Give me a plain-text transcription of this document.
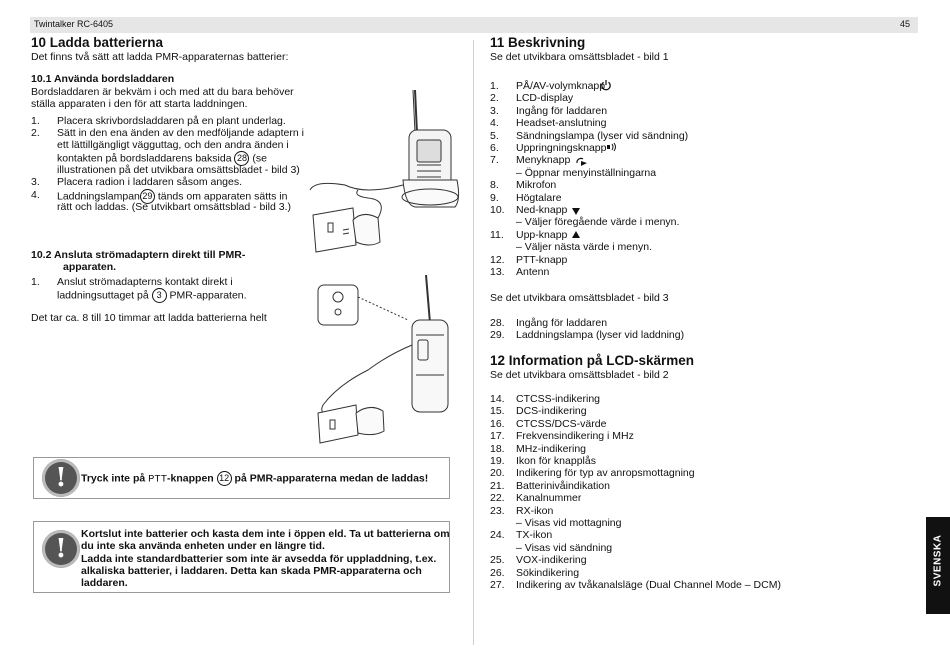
Twintalker RC-6405	45
10 Ladda batterierna
Det finns två sätt att ladda PMR-apparaternas batterier:
10.1 Använda bordsladdaren
Bordsladdaren är bekväm i och med att du bara behöver
ställa apparaten i den för att starta laddningen.
1. Placera skrivbordsladdaren på en plant underlag.
2. Sätt in den ena änden av den medföljande adaptern i
ett lättillgängligt vägguttag, och den andra änden i
kontakten på bordsladdarens baksida 28 (se
illustrationen på det utvikbara omsättsbladet - bild 3)
3. Placera radion i laddaren såsom anges.
4. Laddningslampan 29 tänds om apparaten sätts in
rätt och laddas. (Se utvikbart omsättsblad - bild 3.)
10.2 Ansluta strömadaptern direkt till PMR-
apparaten.
1. Anslut strömadapterns kontakt direkt i
laddningsuttaget på 3 PMR-apparaten.
Det tar ca. 8 till 10 timmar att ladda batterierna helt
!	Tryck inte på PTT-knappen 12 på PMR-apparaterna medan de laddas!
!	Kortslut inte batterier och kasta dem inte i öppen eld. Ta ut batterierna om
du inte ska använda enheten under en längre tid.
Ladda inte standardbatterier som inte är avsedda för uppladdning, t.ex.
alkaliska batterier, i laddaren. Detta kan skada PMR-apparaterna och
laddaren.
11 Beskrivning
Se det utvikbara omsättsbladet - bild 1
1. PÅ/AV-volymknapp
2. LCD-display
3. Ingång för laddaren
4. Headset-anslutning
5. Sändningslampa (lyser vid sändning)
6. Uppringningsknapp
7. Menyknapp
– Öppnar menyinställningarna
8. Mikrofon
9. Högtalare
10. Ned-knapp
– Väljer föregående värde i menyn.
11. Upp-knapp
– Väljer nästa värde i menyn.
12. PTT-knapp
13. Antenn
Se det utvikbara omsättsbladet - bild 3
28. Ingång för laddaren
29. Laddningslampa (lyser vid laddning)
12 Information på LCD-skärmen
Se det utvikbara omsättsbladet - bild 2
14. CTCSS-indikering
15. DCS-indikering
16. CTCSS/DCS-värde
17. Frekvensindikering i MHz
18. MHz-indikering
19. Ikon för knapplås
20. Indikering för typ av anropsmottagning
21. Batterinivåindikation
22. Kanalnummer
23. RX-ikon
– Visas vid mottagning
24. TX-ikon
– Visas vid sändning
25. VOX-indikering
26. Sökindikering
27. Indikering av tvåkanalsläge (Dual Channel Mode – DCM)	SVENSKA
